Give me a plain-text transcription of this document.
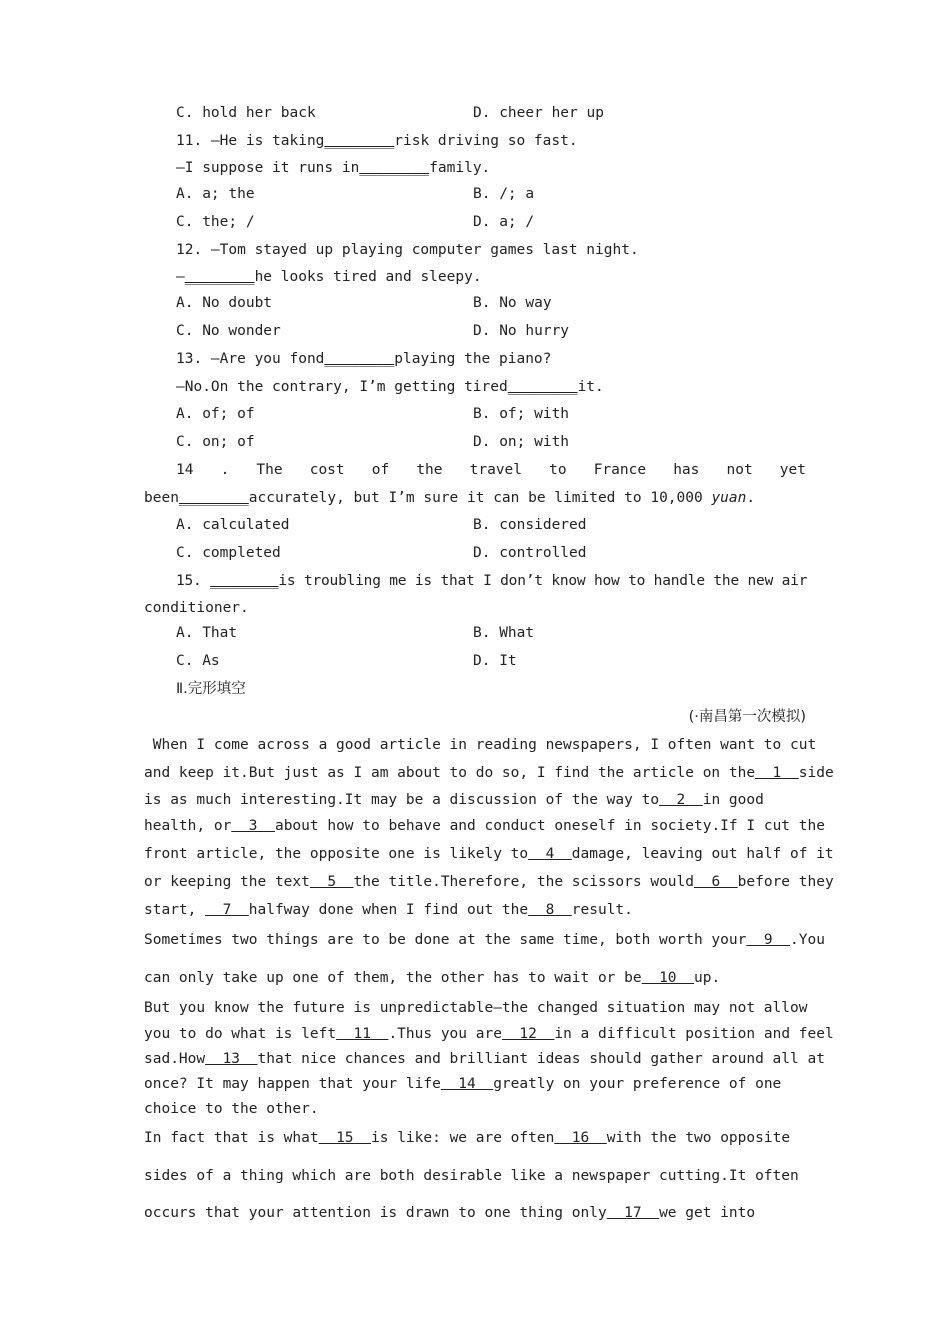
C. hold her back	D. cheer her up
11. —He is taking________risk driving so fast.
—I suppose it runs in________family.
A. a; the	B. /; a
C. the; /	D. a; /
12. —Tom stayed up playing computer games last night.
—________he looks tired and sleepy.
A. No doubt	B. No way
C. No wonder	D. No hurry
13. —Are you fond________playing the piano?
—No.On the contrary, I’m getting tired________it.
A. of; of	B. of; with
C. on; of	D. on; with
14 . The cost of the travel to France has not yet
been________accurately, but I’m sure it can be limited to 10,000 yuan.
A. calculated	B. considered
C. completed	D. controlled
15. ________is troubling me is that I don’t know how to handle the new air
conditioner.
A. That	B. What
C. As	D. It
Ⅱ.完形填空
(·南昌第一次模拟)
When I come across a good article in reading newspapers, I often want to cut
and keep it.But just as I am about to do so, I find the article on the  1  side
is as much interesting.It may be a discussion of the way to  2  in good
health, or  3  about how to behave and conduct oneself in society.If I cut the
front article, the opposite one is likely to  4  damage, leaving out half of it
or keeping the text  5  the title.Therefore, the scissors would  6  before they
start,   7  halfway done when I find out the  8  result.
Sometimes two things are to be done at the same time, both worth your  9  .You
can only take up one of them, the other has to wait or be  10  up.
But you know the future is unpredictable—the changed situation may not allow
you to do what is left  11  .Thus you are  12  in a difficult position and feel
sad.How  13  that nice chances and brilliant ideas should gather around all at
once? It may happen that your life  14  greatly on your preference of one
choice to the other.
In fact that is what  15  is like: we are often  16  with the two opposite
sides of a thing which are both desirable like a newspaper cutting.It often
occurs that your attention is drawn to one thing only  17  we get into
